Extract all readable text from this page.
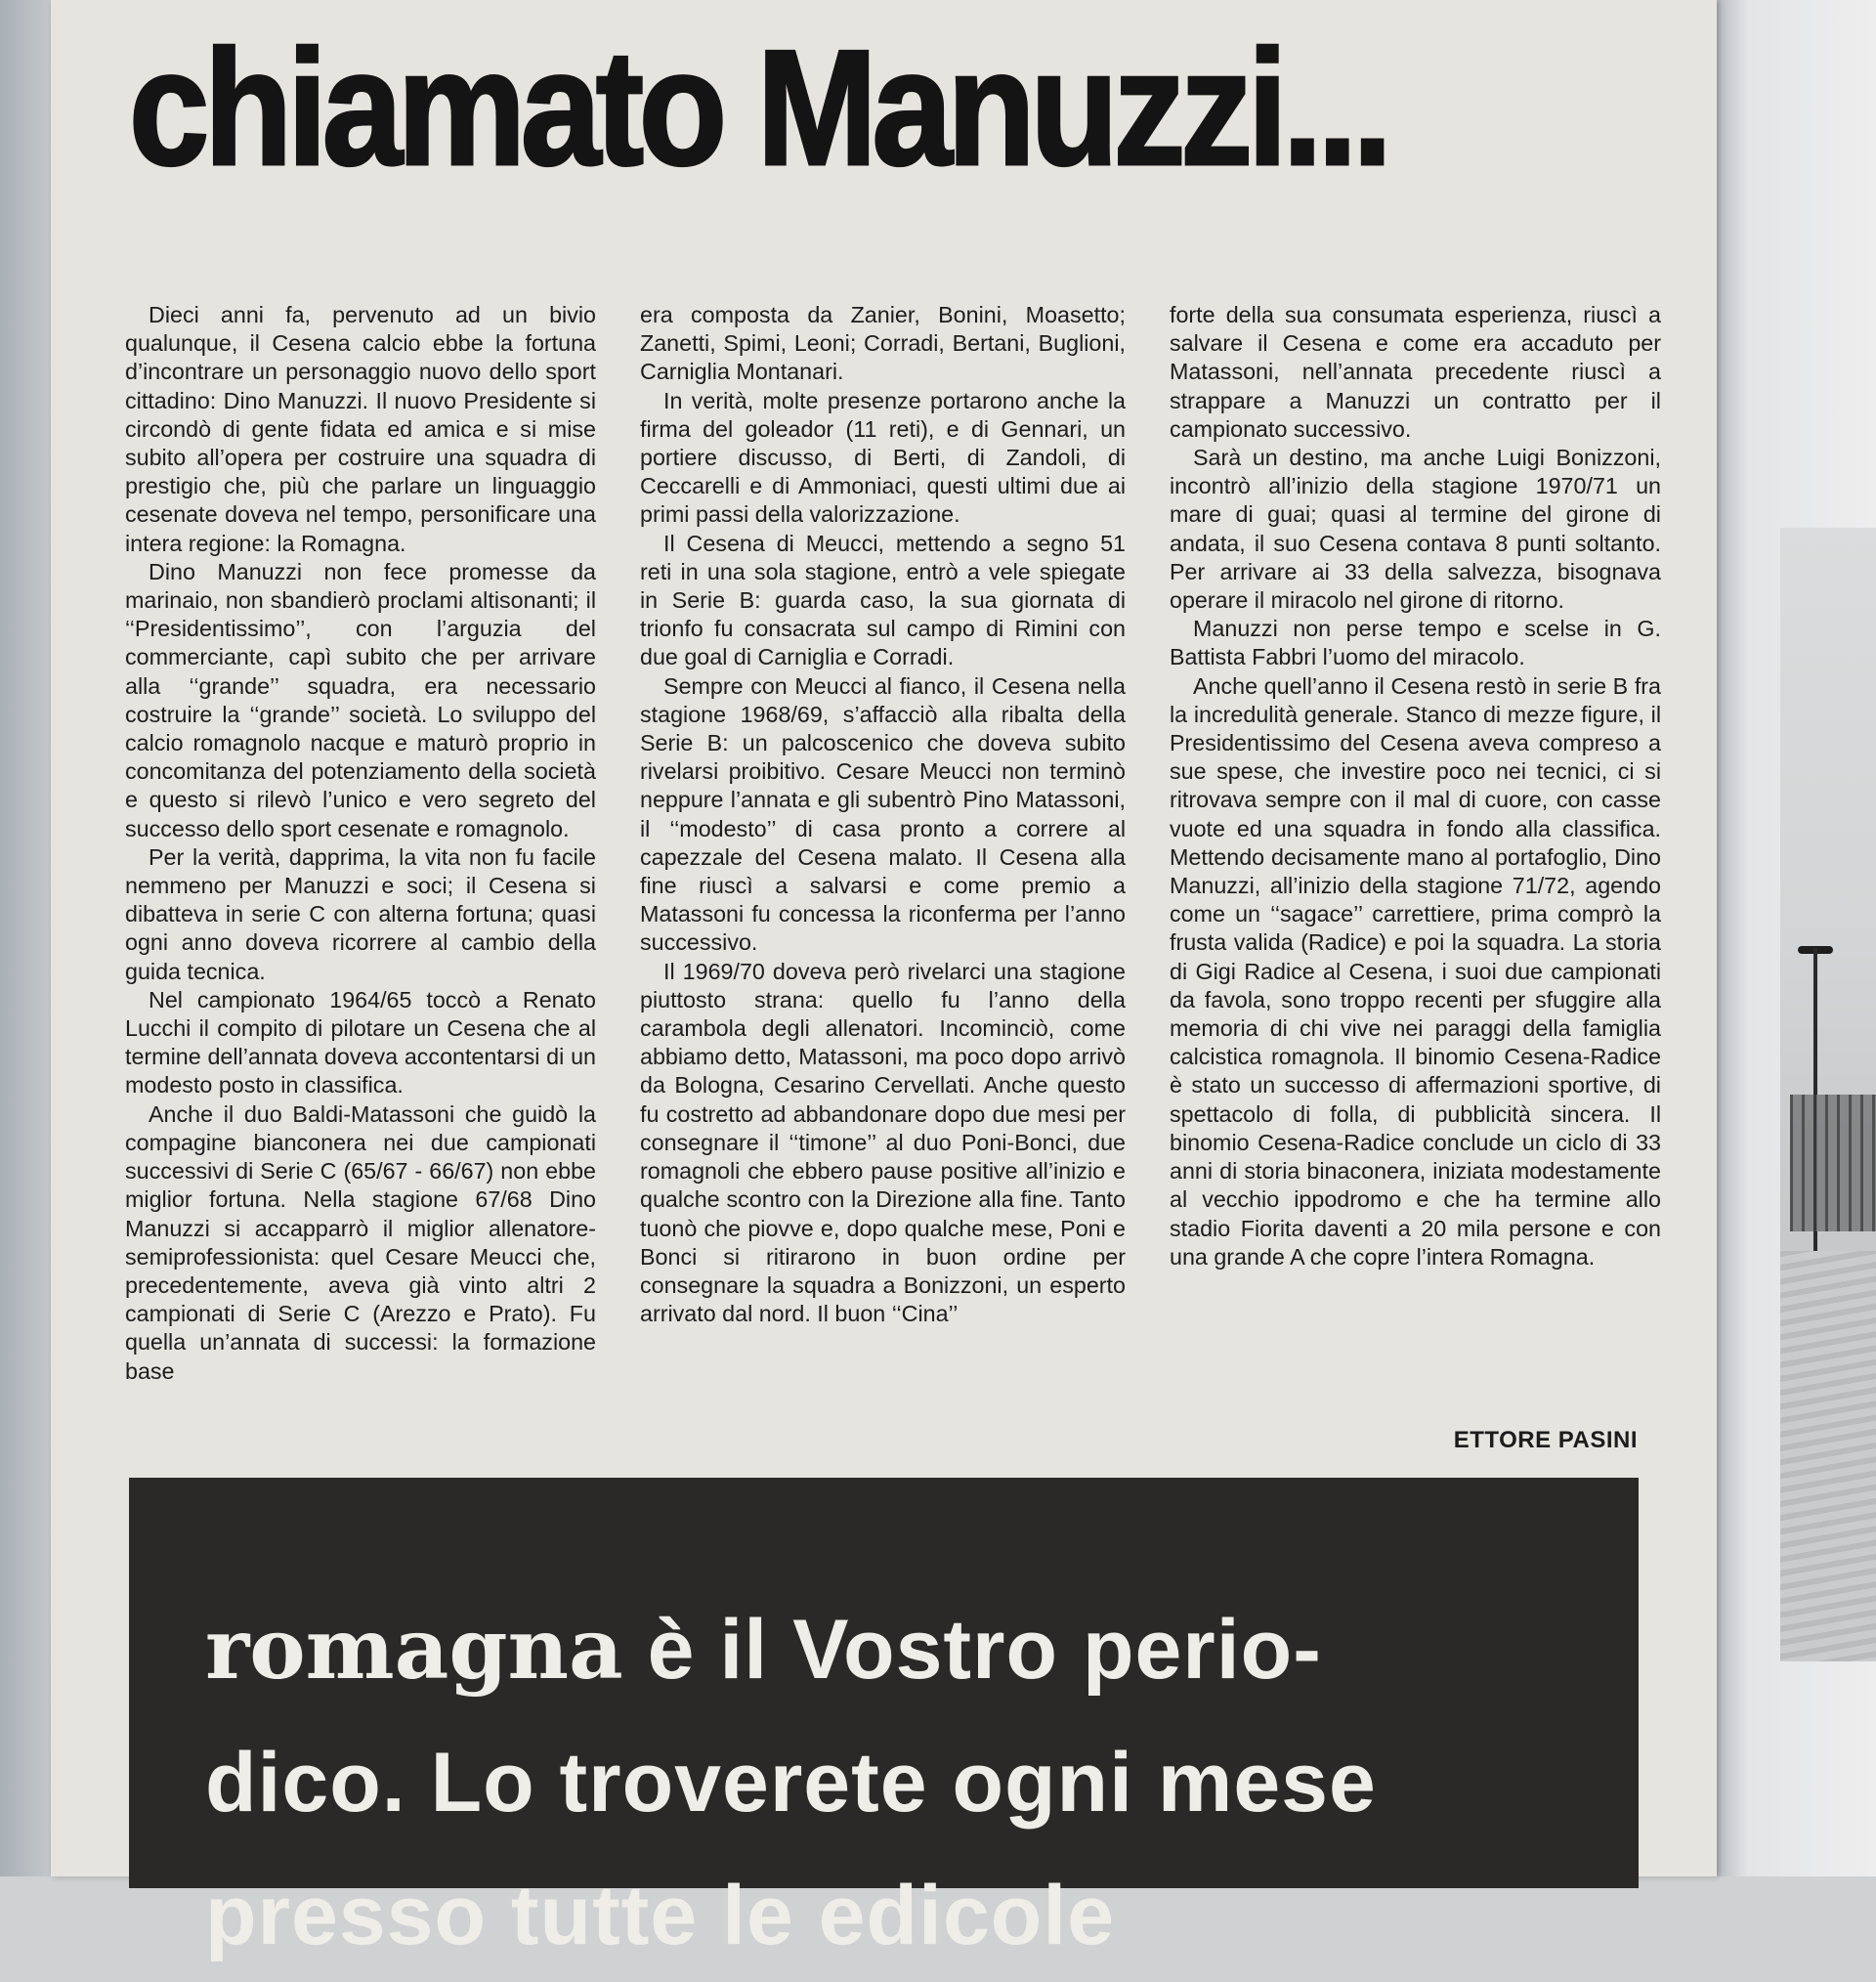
chiamato Manuzzi...

Dieci anni fa, pervenuto ad un bivio qualunque, il Cesena calcio ebbe la fortuna d’incontrare un personaggio nuovo dello sport cittadino: Dino Manuzzi. Il nuovo Presidente si circondò di gente fidata ed amica e si mise subito all’opera per costruire una squadra di prestigio che, più che parlare un linguaggio cesenate doveva nel tempo, personificare una intera regione: la Romagna.

Dino Manuzzi non fece promesse da marinaio, non sbandierò proclami altisonanti; il ‘‘Presidentissimo’’, con l’arguzia del commerciante, capì subito che per arrivare alla ‘‘grande’’ squadra, era necessario costruire la ‘‘grande’’ società. Lo sviluppo del calcio romagnolo nacque e maturò proprio in concomitanza del potenziamento della società e questo si rilevò l’unico e vero segreto del successo dello sport cesenate e romagnolo.

Per la verità, dapprima, la vita non fu facile nemmeno per Manuzzi e soci; il Cesena si dibatteva in serie C con alterna fortuna; quasi ogni anno doveva ricorrere al cambio della guida tecnica.

Nel campionato 1964/65 toccò a Renato Lucchi il compito di pilotare un Cesena che al termine dell’annata doveva accontentarsi di un modesto posto in classifica.

Anche il duo Baldi-Matassoni che guidò la compagine bianconera nei due campionati successivi di Serie C (65/67 - 66/67) non ebbe miglior fortuna. Nella stagione 67/68 Dino Manuzzi si accapparrò il miglior allenatore-semiprofessionista: quel Cesare Meucci che, precedentemente, aveva già vinto altri 2 campionati di Serie C (Arezzo e Prato). Fu quella un’annata di successi: la formazione base

era composta da Zanier, Bonini, Moasetto; Zanetti, Spimi, Leoni; Corradi, Bertani, Buglioni, Carniglia Montanari.

In verità, molte presenze portarono anche la firma del goleador (11 reti), e di Gennari, un portiere discusso, di Berti, di Zandoli, di Ceccarelli e di Ammoniaci, questi ultimi due ai primi passi della valorizzazione.

Il Cesena di Meucci, mettendo a segno 51 reti in una sola stagione, entrò a vele spiegate in Serie B: guarda caso, la sua giornata di trionfo fu consacrata sul campo di Rimini con due goal di Carniglia e Corradi.

Sempre con Meucci al fianco, il Cesena nella stagione 1968/69, s’affacciò alla ribalta della Serie B: un palcoscenico che doveva subito rivelarsi proibitivo. Cesare Meucci non terminò neppure l’annata e gli subentrò Pino Matassoni, il ‘‘modesto’’ di casa pronto a correre al capezzale del Cesena malato. Il Cesena alla fine riuscì a salvarsi e come premio a Matassoni fu concessa la riconferma per l’anno successivo.

Il 1969/70 doveva però rivelarci una stagione piuttosto strana: quello fu l’anno della carambola degli allenatori. Incominciò, come abbiamo detto, Matassoni, ma poco dopo arrivò da Bologna, Cesarino Cervellati. Anche questo fu costretto ad abbandonare dopo due mesi per consegnare il ‘‘timone’’ al duo Poni-Bonci, due romagnoli che ebbero pause positive all’inizio e qualche scontro con la Direzione alla fine. Tanto tuonò che piovve e, dopo qualche mese, Poni e Bonci si ritirarono in buon ordine per consegnare la squadra a Bonizzoni, un esperto arrivato dal nord. Il buon ‘‘Cina’’

forte della sua consumata esperienza, riuscì a salvare il Cesena e come era accaduto per Matassoni, nell’annata precedente riuscì a strappare a Manuzzi un contratto per il campionato successivo.

Sarà un destino, ma anche Luigi Bonizzoni, incontrò all’inizio della stagione 1970/71 un mare di guai; quasi al termine del girone di andata, il suo Cesena contava 8 punti soltanto. Per arrivare ai 33 della salvezza, bisognava operare il miracolo nel girone di ritorno.

Manuzzi non perse tempo e scelse in G. Battista Fabbri l’uomo del miracolo.

Anche quell’anno il Cesena restò in serie B fra la incredulità generale. Stanco di mezze figure, il Presidentissimo del Cesena aveva compreso a sue spese, che investire poco nei tecnici, ci si ritrovava sempre con il mal di cuore, con casse vuote ed una squadra in fondo alla classifica. Mettendo decisamente mano al portafoglio, Dino Manuzzi, all’inizio della stagione 71/72, agendo come un ‘‘sagace’’ carrettiere, prima comprò la frusta valida (Radice) e poi la squadra. La storia di Gigi Radice al Cesena, i suoi due campionati da favola, sono troppo recenti per sfuggire alla memoria di chi vive nei paraggi della famiglia calcistica romagnola. Il binomio Cesena-Radice è stato un successo di affermazioni sportive, di spettacolo di folla, di pubblicità sincera. Il binomio Cesena-Radice conclude un ciclo di 33 anni di storia binaconera, iniziata modestamente al vecchio ippodromo e che ha termine allo stadio Fiorita daventi a 20 mila persone e con una grande A che copre l’intera Romagna.

ETTORE PASINI

romagna è il Vostro perio-
dico. Lo troverete ogni mese
presso tutte le edicole
